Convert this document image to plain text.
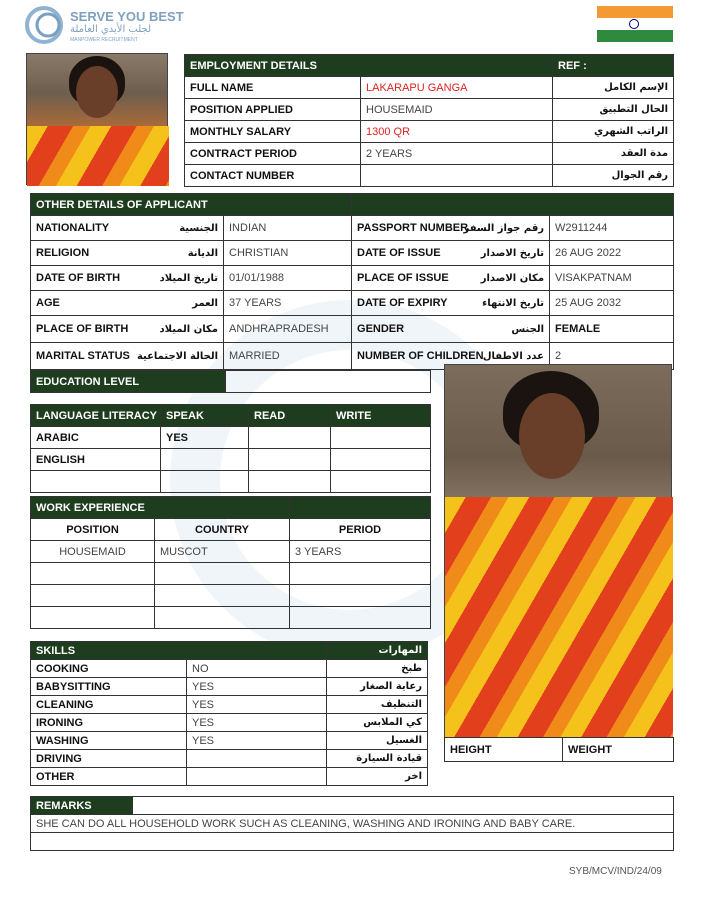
SERVE YOU BEST
لجلب الأيدي العاملة
MANPOWER RECRUITMENT
EMPLOYMENT DETAILS		REF :
FULL NAME	LAKARAPU GANGA	الإسم الكامل
POSITION APPLIED	HOUSEMAID	الحال التطبيق
MONTHLY SALARY	1300 QR	الراتب الشهري
CONTRACT PERIOD	2 YEARS	مدة العقد
CONTACT NUMBER		رقم الجوال
OTHER DETAILS OF APPLICANT					
NATIONALITY	الجنسية	INDIAN	PASSPORT NUMBER	رقم جواز السفر	W2911244
RELIGION	الديانة	CHRISTIAN	DATE OF ISSUE	تاريخ الاصدار	26 AUG 2022
DATE OF BIRTH	تاريخ الميلاد	01/01/1988	PLACE OF ISSUE	مكان الاصدار	VISAKPATNAM
AGE	العمر	37 YEARS	DATE OF EXPIRY	تاريخ الانتهاء	25 AUG 2032
PLACE OF BIRTH	مكان الميلاد	ANDHRAPRADESH	GENDER	الجنس	FEMALE
MARITAL STATUS	الحالة الاجتماعية	MARRIED	NUMBER OF CHILDREN	عدد الاطفال	2
EDUCATION LEVEL	
LANGUAGE LITERACY	SPEAK	READ	WRITE
ARABIC	YES		
ENGLISH			

WORK EXPERIENCE		
POSITION	COUNTRY	PERIOD
HOUSEMAID	MUSCOT	3 YEARS

SKILLS		المهارات
COOKING	NO	طبخ
BABYSITTING	YES	رعاية الصغار
CLEANING	YES	التنظيف
IRONING	YES	كي الملابس
WASHING	YES	الغسيل
DRIVING		قيادة السيارة
OTHER		اخر
HEIGHT	WEIGHT
REMARKS	
SHE CAN DO ALL HOUSEHOLD WORK SUCH AS CLEANING, WASHING AND IRONING AND BABY CARE.

SYB/MCV/IND/24/09
